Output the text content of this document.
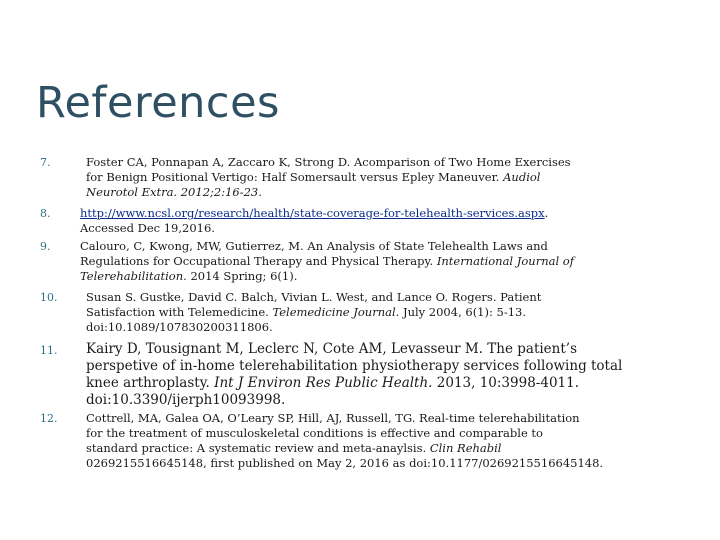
References
7.	Foster CA, Ponnapan A, Zaccaro K, Strong D. Acomparison of Two Home Exercises
for Benign Positional Vertigo: Half Somersault versus Epley Maneuver. Audiol
Neurotol Extra. 2012;2:16-23.
8.	http://www.ncsl.org/research/health/state-coverage-for-telehealth-services.aspx.
Accessed Dec 19,2016.
9.	Calouro, C, Kwong, MW, Gutierrez, M. An Analysis of State Telehealth Laws and
Regulations for Occupational Therapy and Physical Therapy. International Journal of
Telerehabilitation. 2014 Spring; 6(1).
10. Susan S. Gustke, David C. Balch, Vivian L. West, and Lance O. Rogers. Patient
Satisfaction with Telemedicine. Telemedicine Journal. July 2004, 6(1): 5-13.
doi:10.1089/107830200311806.
11. Kairy D, Tousignant M, Leclerc N, Cote AM, Levasseur M. The patient’s
perspetive of in-home telerehabilitation physiotherapy services following total
knee arthroplasty. Int J Environ Res Public Health. 2013, 10:3998-4011.
doi:10.3390/ijerph10093998.
12. Cottrell, MA, Galea OA, O’Leary SP, Hill, AJ, Russell, TG. Real-time telerehabilitation
for the treatment of musculoskeletal conditions is effective and comparable to
standard practice: A systematic review and meta-anaylsis. Clin Rehabil
0269215516645148, first published on May 2, 2016 as doi:10.1177/0269215516645148.
